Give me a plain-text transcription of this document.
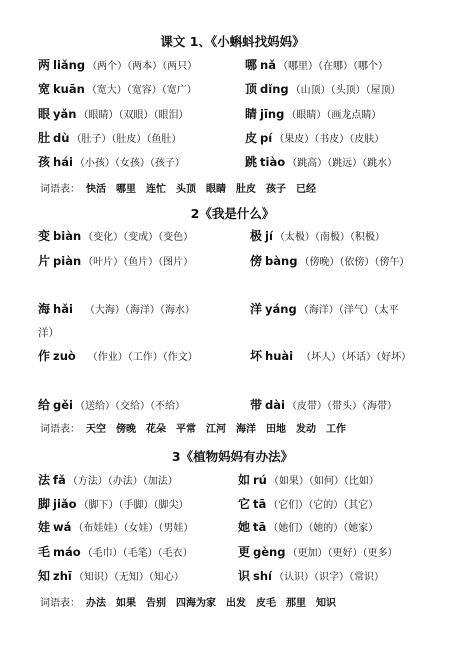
课文 1、《小蝌蚪找妈妈》
两 liǎng （两个）（两本）（两只）	哪 nǎ （哪里）（在哪）（哪个）
宽 kuān （宽大）（宽容）（宽广）	顶 dǐng （山顶）（头顶）（屋顶）
眼 yǎn （眼睛）（双眼）（眼泪）	睛 jīng （眼睛）（画龙点睛）
肚 dù （肚子）（肚皮）（鱼肚）	皮 pí （果皮）（书皮）（皮肤）
孩 hái （小孩）（女孩）（孩子）	跳 tiào （跳高）（跳远）（跳水）
词语表： 快活 哪里 连忙 头顶 眼睛 肚皮 孩子 已经
2《我是什么》
变 biàn （变化）（变成）（变色）	极 jí （太极）（南极）（积极）
片 piàn （叶片）（鱼片）（图片）	傍 bàng （傍晚）（依傍）（傍午）
海 hǎi （大海）（海洋）（海水）	洋 yáng （海洋）（洋气）（太平
洋）
作 zuò （作业）（工作）（作文）	坏 huài （坏人）（坏话）（好坏）
给 gěi （送给）（交给）（不给）	带 dài （皮带）（带头）（海带）
词语表： 天空 傍晚 花朵 平常 江河 海洋 田地 发动 工作
3《植物妈妈有办法》
法 fǎ （方法）（办法）（加法）	如 rú （如果）（如何）（比如）
脚 jiǎo （脚下）（手脚）（脚尖）	它 tā （它们）（它的）（其它）
娃 wá （布娃娃）（女娃）（男娃）	她 tā （她们）（她的）（她家）
毛 máo （毛巾）（毛笔）（毛衣）	更 gèng （更加）（更好）（更多）
知 zhī （知识）（无知）（知心）	识 shí （认识）（识字）（常识）
词语表： 办法 如果 告别 四海为家 出发 皮毛 那里 知识
